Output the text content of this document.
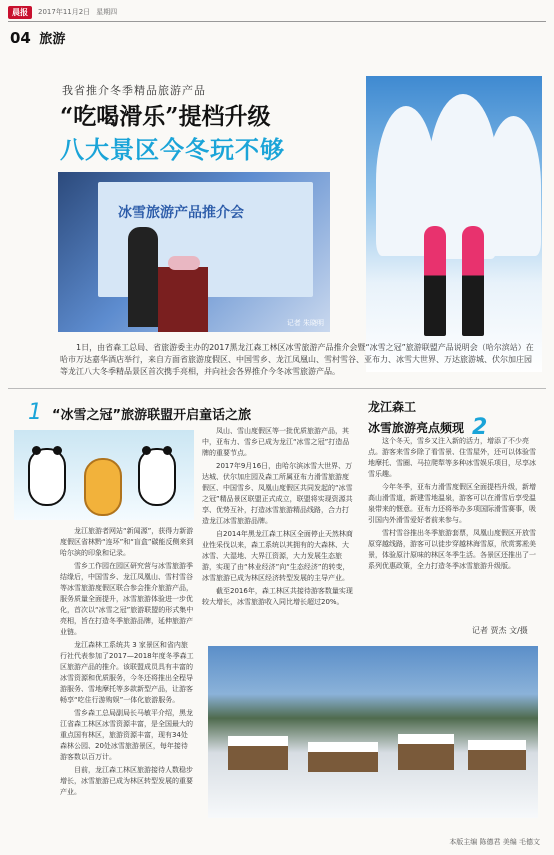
晨报	2017年11月2日 星期四
04 旅游
我省推介冬季精品旅游产品
“吃喝滑乐”提档升级
八大景区今冬玩不够
冰雪旅游产品推介会
记者 朱晓明
1日，由省森工总局、省旅游委主办的2017黑龙江森工林区冰雪旅游产品推介会暨“冰雪之冠”旅游联盟产品说明会（哈尔滨站）在哈市万达嘉华酒店举行，来自方面省旅游度假区、中国雪乡、龙江凤凰山、雪村雪谷、亚布力、冰雪大世界、万达旅游城、伏尔加庄园等龙江八大冬季精品景区首次携手亮相，并向社会各界推介今冬冰雪旅游产品。
1 “冰雪之冠”旅游联盟开启童话之旅
龙江森工
冰雪旅游亮点频现 2

龙江旅游者网站“新闻源”，获得力新游度假区省林黔“连环”和“盲盒”碳能反侧来到哈尔滨的印象和记录。

雪乡工作园在园区研究营与冰雪旅游季结缘后，中国雪乡、龙江凤凰山、雪村雪谷等冰雪旅游度假区联合参会推介旅游产品，服务质量全面提升，冰雪旅游体验进一步优化，首次以“冰雪之冠”旅游联盟的形式集中亮相，旨在打造冬季旅游品牌，延伸旅游产业链。

龙江森林工系统共 3 家景区和省内旅行社代表参加了2017—2018年度冬季森工区旅游产品的推介。该联盟成员具有丰富的冰雪资源和优质服务，今冬还将推出全程导游服务、雪地摩托等多款新型产品，让游客畅享“吃住行游购娱”一体化旅游服务。

雪乡森工总局副局长马敏平介绍，黑龙江省森工林区冰雪资源丰富，是全国最大的重点国有林区，旅游资源丰富，现有34处森林公园、20处冰雪旅游景区，每年接待游客数以百万计。

目前，龙江森工林区旅游接待人数稳步增长，冰雪旅游已成为林区转型发展的重要产业。

凤山、雪山度假区等一批优质旅游产品，其中，亚布力、雪乡已成为龙江“冰雪之冠”打造品牌的重要节点。

2017年9月16日，由哈尔滨冰雪大世界、万达城、伏尔加庄园及森工所属亚布力滑雪旅游度假区、中国雪乡、凤凰山度假区共同发起的“冰雪之冠”精品景区联盟正式成立，联盟将实现资源共享、优势互补，打造冰雪旅游精品线路，合力打造龙江冰雪旅游品牌。

自2014年黑龙江森工林区全面停止天然林商业性采伐以来，森工系统以其拥有的大森林、大冰雪、大湿地、大界江资源，大力发展生态旅游，实现了由“林业经济”向“生态经济”的转变，冰雪旅游已成为林区经济转型发展的主导产业。

截至2016年，森工林区共接待游客数量实现较大增长，冰雪旅游收入同比增长超过20%。

这个冬天，雪乡又注入新的活力，增添了不少亮点。游客来雪乡除了看雪景、住雪屋外，还可以体验雪地摩托、雪圈、马拉爬犁等多种冰雪娱乐项目，尽享冰雪乐趣。

今年冬季，亚布力滑雪度假区全面提档升级，新增高山滑雪道，新建雪地温泉，游客可以在滑雪后享受温泉带来的惬意。亚布力还将举办多项国际滑雪赛事，吸引国内外滑雪爱好者前来参与。

雪村雪谷推出冬季旅游套票，凤凰山度假区开放雪原穿越线路，游客可以徒步穿越林海雪原，欣赏雾凇美景，体验原汁原味的林区冬季生活。各景区还推出了一系列优惠政策，全力打造冬季冰雪旅游升级版。

记者 贾杰 文/摄
本版主编 陈德君 美编 毛德文
